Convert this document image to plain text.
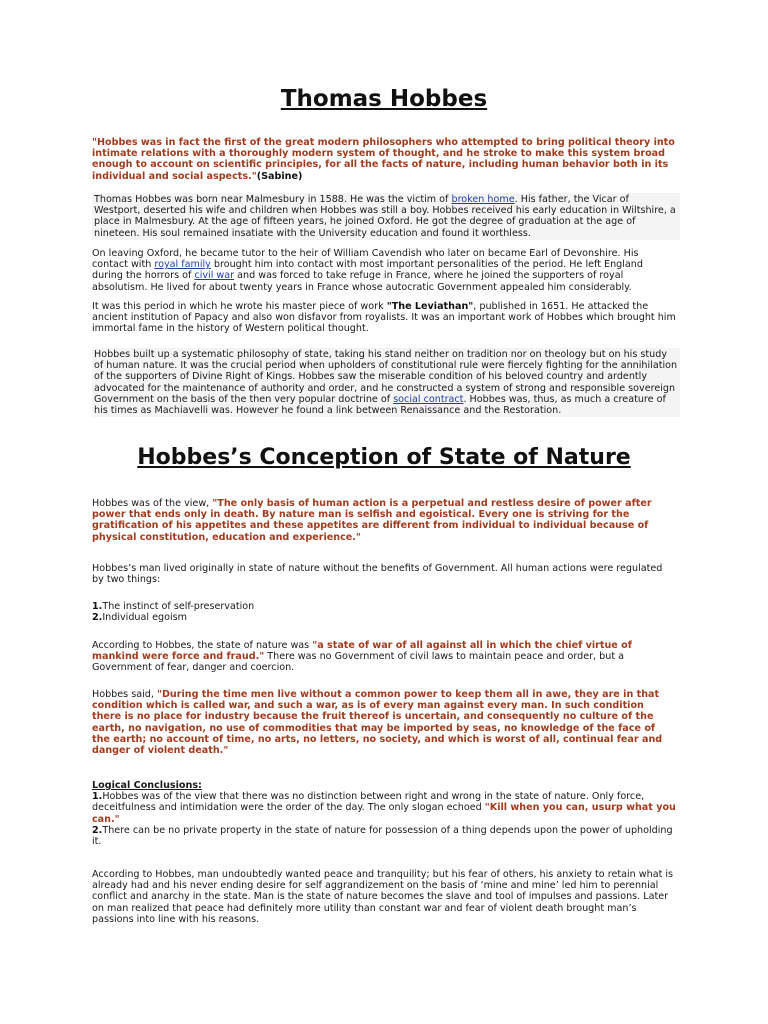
Thomas Hobbes

"Hobbes was in fact the first of the great modern philosophers who attempted to bring political theory into intimate relations with a thoroughly modern system of thought, and he stroke to make this system broad enough to account on scientific principles, for all the facts of nature, including human behavior both in its individual and social aspects."(Sabine)

Thomas Hobbes was born near Malmesbury in 1588. He was the victim of broken home. His father, the Vicar of Westport, deserted his wife and children when Hobbes was still a boy. Hobbes received his early education in Wiltshire, a place in Malmesbury. At the age of fifteen years, he joined Oxford. He got the degree of graduation at the age of nineteen. His soul remained insatiate with the University education and found it worthless.

On leaving Oxford, he became tutor to the heir of William Cavendish who later on became Earl of Devonshire. His contact with royal family brought him into contact with most important personalities of the period. He left England during the horrors of civil war and was forced to take refuge in France, where he joined the supporters of royal absolutism. He lived for about twenty years in France whose autocratic Government appealed him considerably.

It was this period in which he wrote his master piece of work "The Leviathan", published in 1651. He attacked the ancient institution of Papacy and also won disfavor from royalists. It was an important work of Hobbes which brought him immortal fame in the history of Western political thought.

Hobbes built up a systematic philosophy of state, taking his stand neither on tradition nor on theology but on his study of human nature. It was the crucial period when upholders of constitutional rule were fiercely fighting for the annihilation of the supporters of Divine Right of Kings. Hobbes saw the miserable condition of his beloved country and ardently advocated for the maintenance of authority and order, and he constructed a system of strong and responsible sovereign Government on the basis of the then very popular doctrine of social contract. Hobbes was, thus, as much a creature of his times as Machiavelli was. However he found a link between Renaissance and the Restoration.

Hobbes’s Conception of State of Nature

Hobbes was of the view, "The only basis of human action is a perpetual and restless desire of power after power that ends only in death. By nature man is selfish and egoistical. Every one is striving for the gratification of his appetites and these appetites are different from individual to individual because of physical constitution, education and experience."

Hobbes’s man lived originally in state of nature without the benefits of Government. All human actions were regulated by two things:

1.The instinct of self-preservation
2.Individual egoism

According to Hobbes, the state of nature was "a state of war of all against all in which the chief virtue of mankind were force and fraud." There was no Government of civil laws to maintain peace and order, but a Government of fear, danger and coercion.

Hobbes said, "During the time men live without a common power to keep them all in awe, they are in that condition which is called war, and such a war, as is of every man against every man. In such condition there is no place for industry because the fruit thereof is uncertain, and consequently no culture of the earth, no navigation, no use of commodities that may be imported by seas, no knowledge of the face of the earth; no account of time, no arts, no letters, no society, and which is worst of all, continual fear and danger of violent death."

Logical Conclusions:
1.Hobbes was of the view that there was no distinction between right and wrong in the state of nature. Only force, deceitfulness and intimidation were the order of the day. The only slogan echoed "Kill when you can, usurp what you can."
2.There can be no private property in the state of nature for possession of a thing depends upon the power of upholding it.

According to Hobbes, man undoubtedly wanted peace and tranquility; but his fear of others, his anxiety to retain what is already had and his never ending desire for self aggrandizement on the basis of ‘mine and mine’ led him to perennial conflict and anarchy in the state. Man is the state of nature becomes the slave and tool of impulses and passions. Later on man realized that peace had definitely more utility than constant war and fear of violent death brought man’s passions into line with his reasons.
